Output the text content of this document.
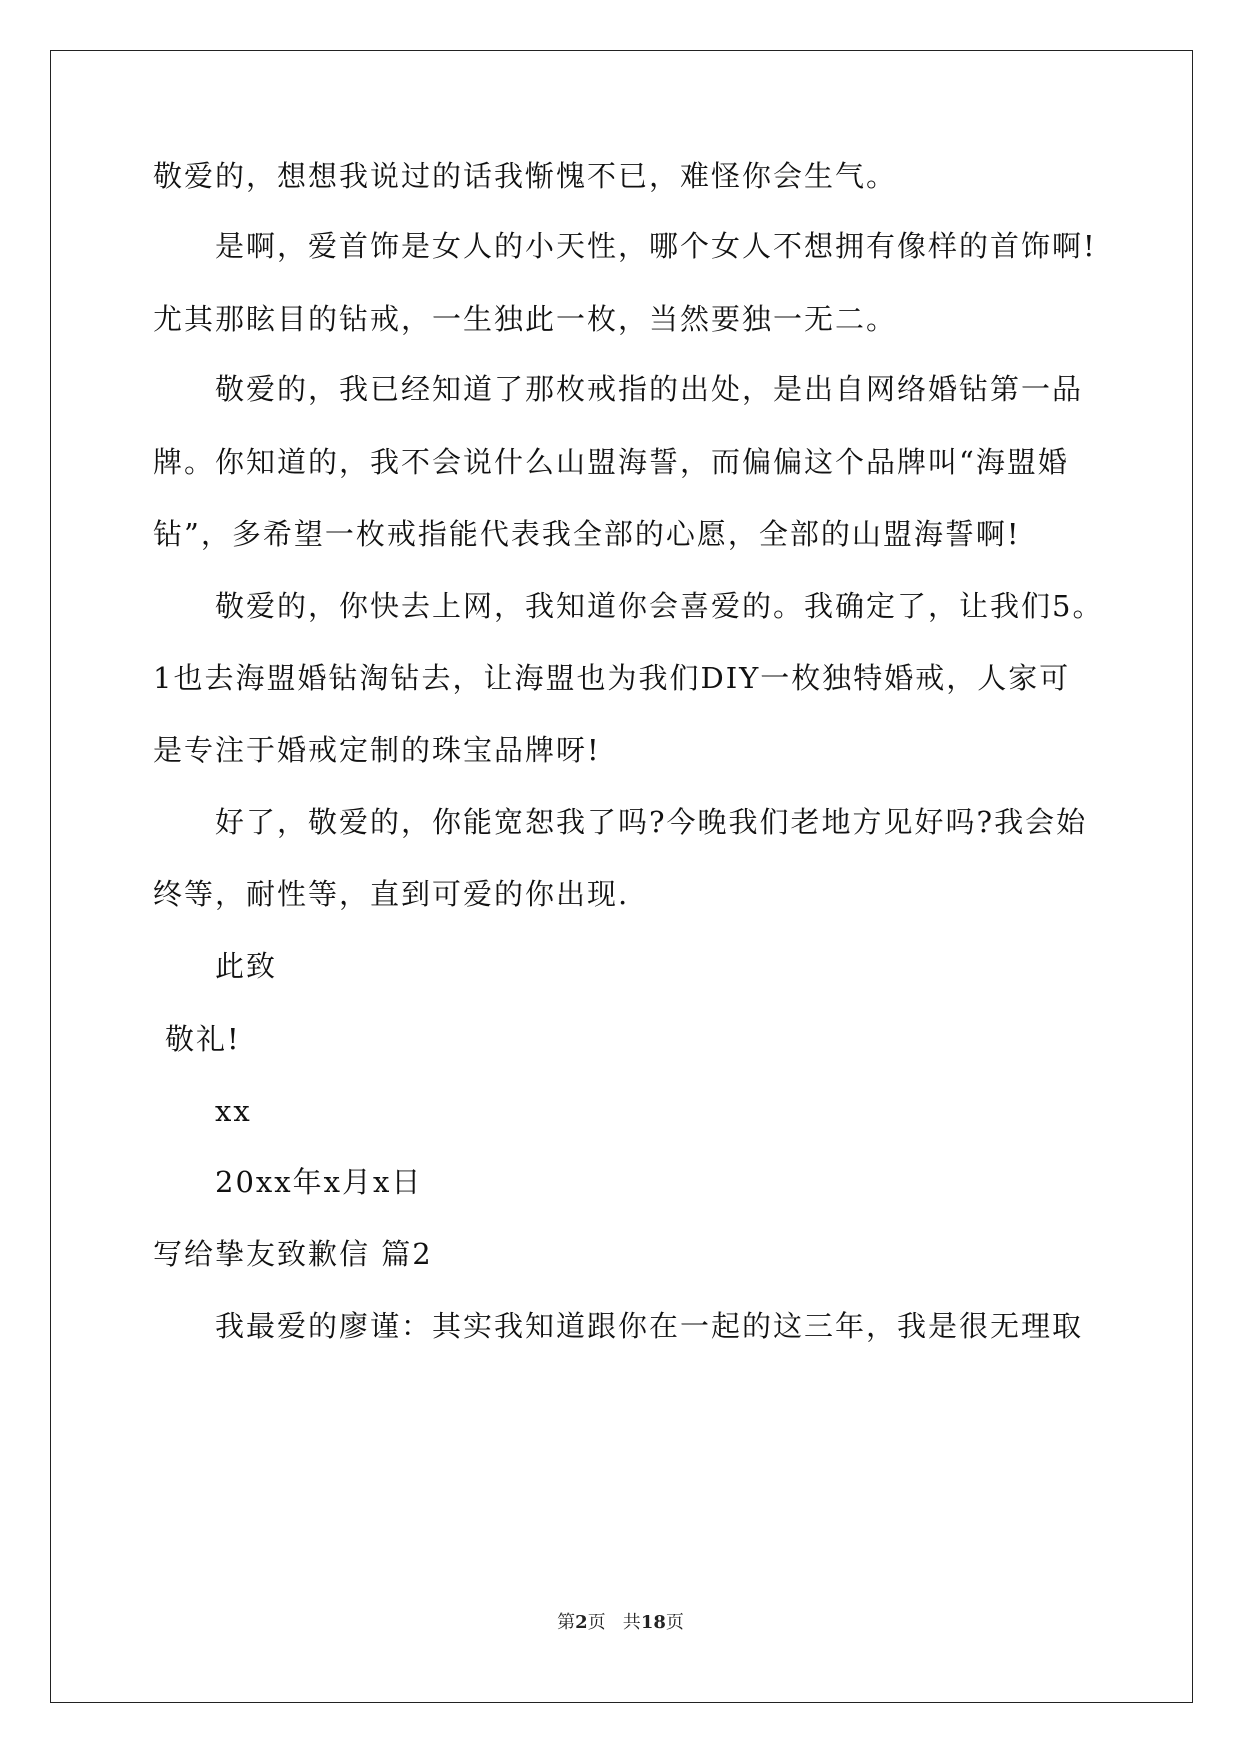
敬爱的，想想我说过的话我惭愧不已，难怪你会生气。
是啊，爱首饰是女人的小天性，哪个女人不想拥有像样的首饰啊!
尤其那眩目的钻戒，一生独此一枚，当然要独一无二。
敬爱的，我已经知道了那枚戒指的出处，是出自网络婚钻第一品
牌。你知道的，我不会说什么山盟海誓，而偏偏这个品牌叫“海盟婚
钻”，多希望一枚戒指能代表我全部的心愿，全部的山盟海誓啊!
敬爱的，你快去上网，我知道你会喜爱的。我确定了，让我们5。
1也去海盟婚钻淘钻去，让海盟也为我们DIY一枚独特婚戒，人家可
是专注于婚戒定制的珠宝品牌呀!
好了，敬爱的，你能宽恕我了吗?今晚我们老地方见好吗?我会始
终等，耐性等，直到可爱的你出现.
此致
敬礼!
xx
20xx年x月x日
写给挚友致歉信 篇2
我最爱的廖谨：其实我知道跟你在一起的这三年，我是很无理取
第2页   共18页
